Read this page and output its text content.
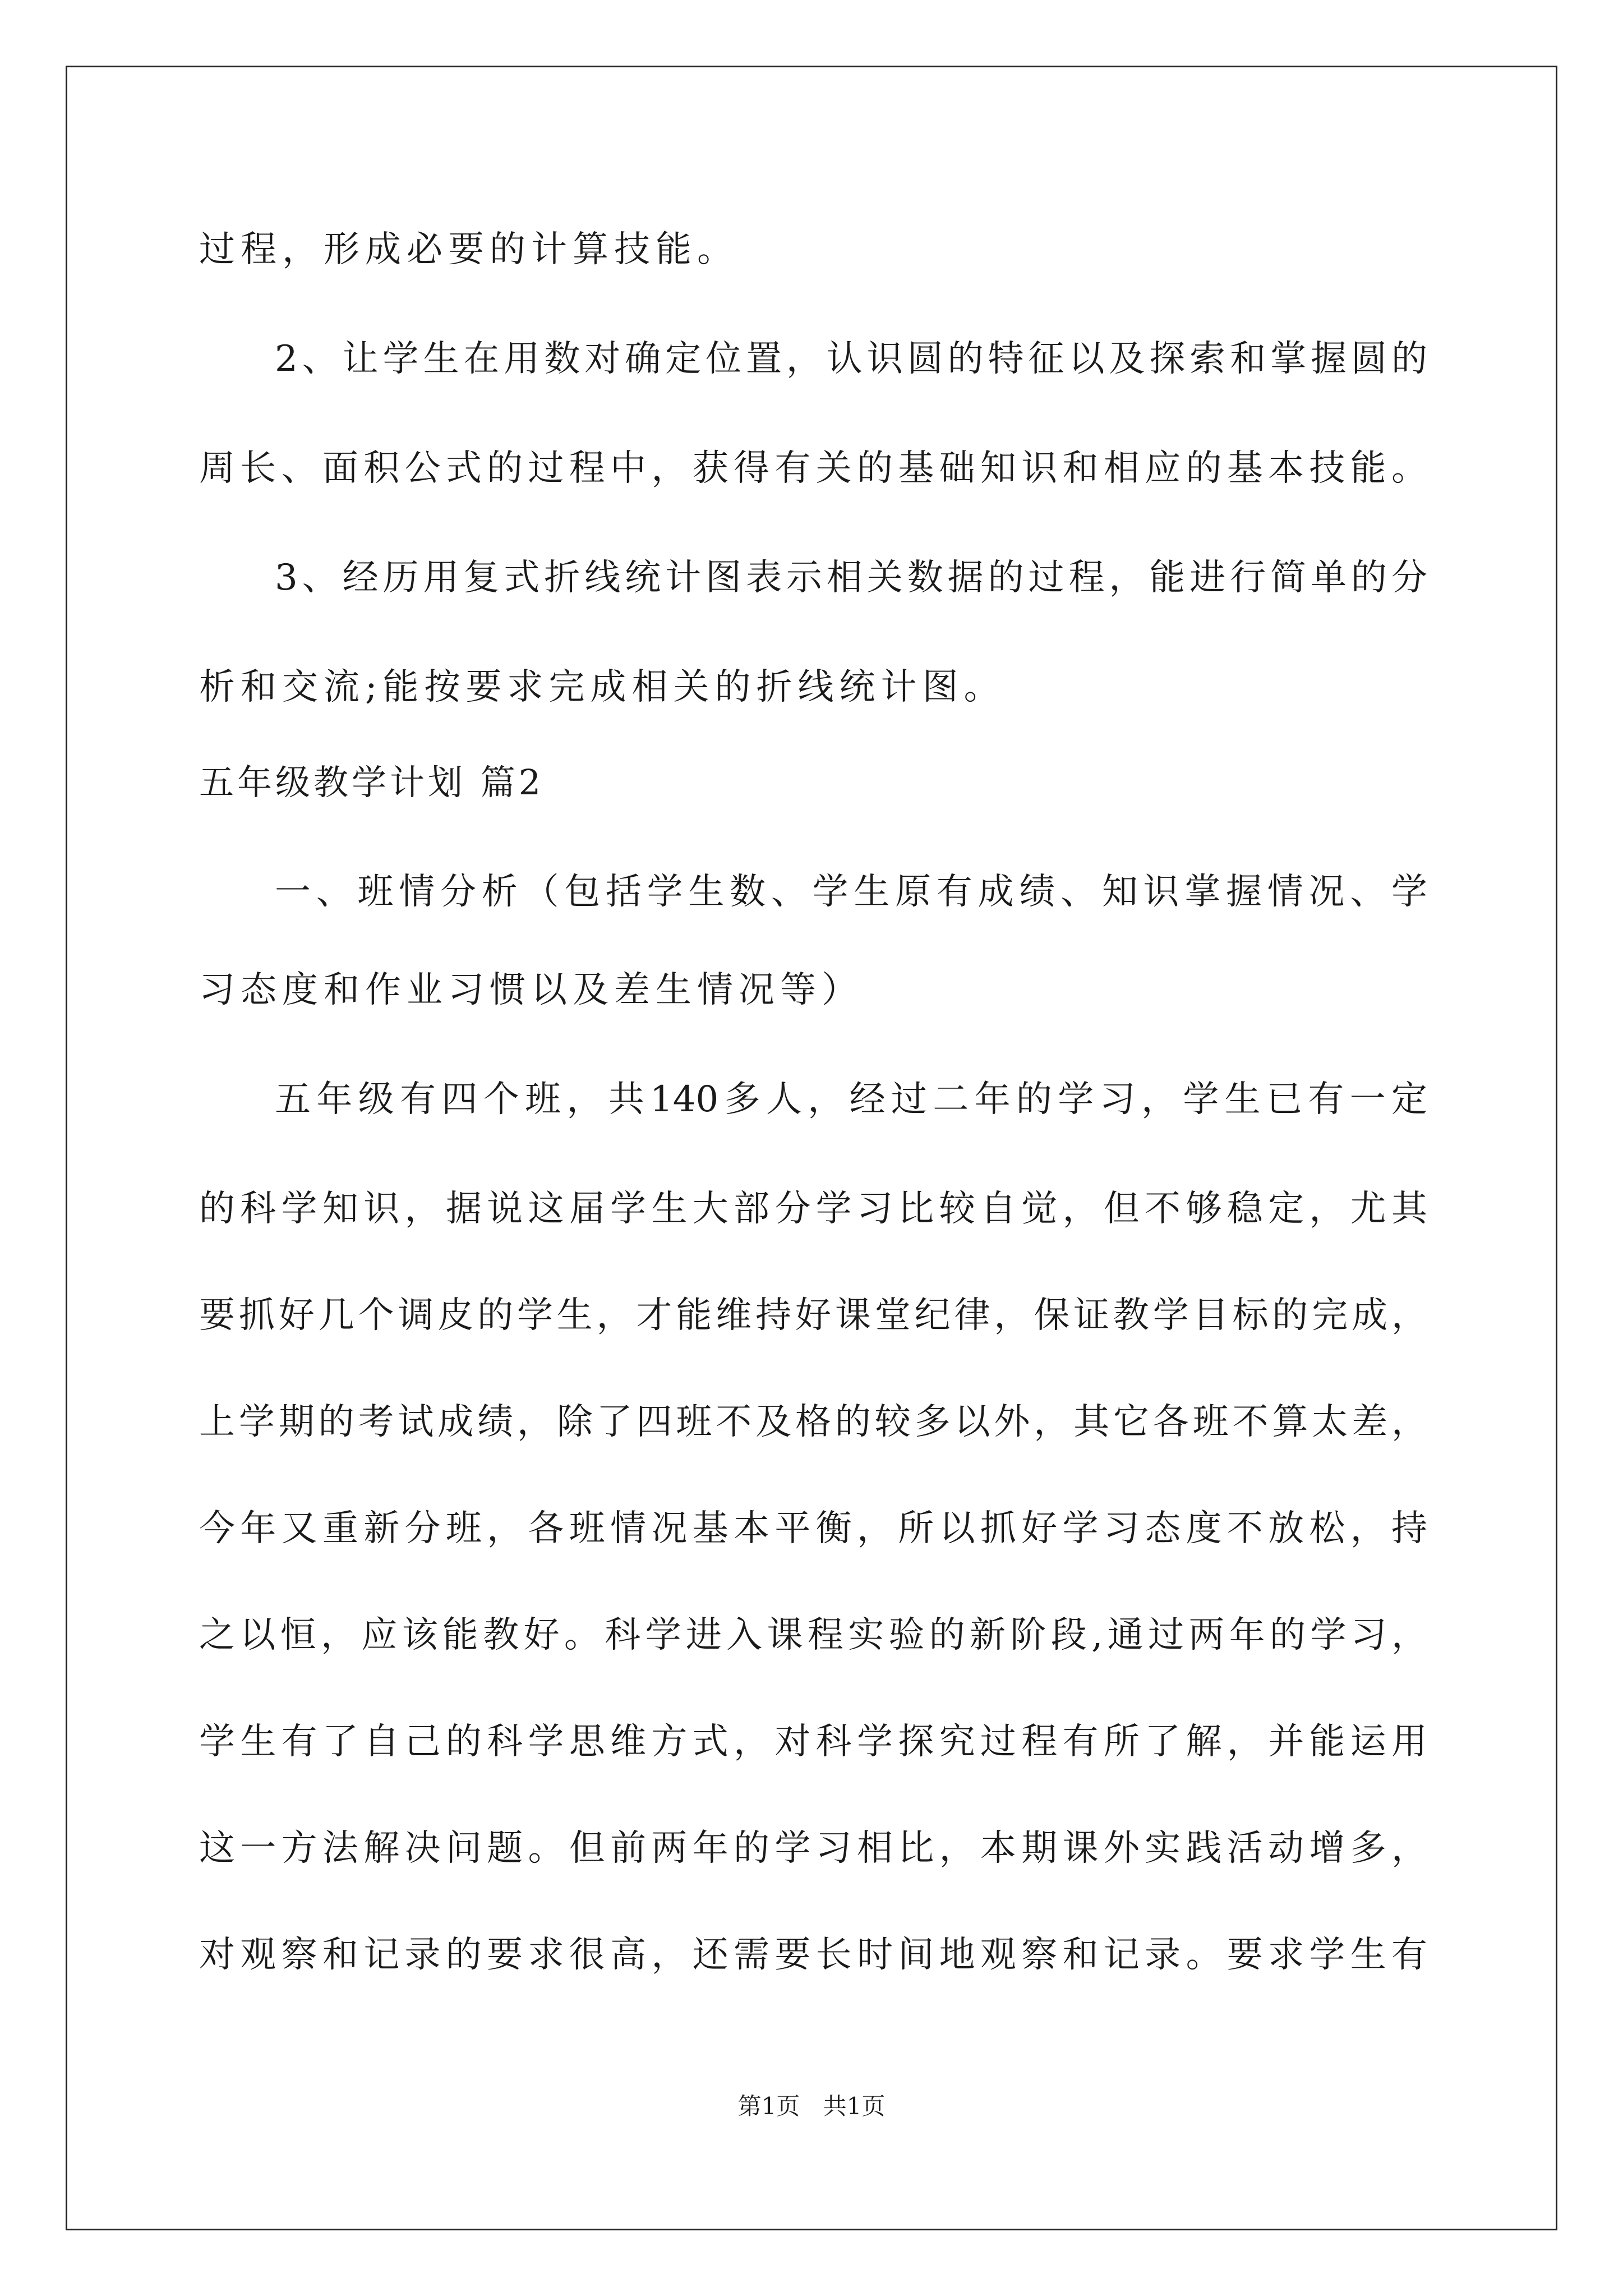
过程，形成必要的计算技能。
2、让学生在用数对确定位置，认识圆的特征以及探索和掌握圆的
周长、面积公式的过程中，获得有关的基础知识和相应的基本技能。
3、经历用复式折线统计图表示相关数据的过程，能进行简单的分
析和交流;能按要求完成相关的折线统计图。
五年级教学计划 篇2
一、班情分析（包括学生数、学生原有成绩、知识掌握情况、学
习态度和作业习惯以及差生情况等）
五年级有四个班，共140多人，经过二年的学习，学生已有一定
的科学知识，据说这届学生大部分学习比较自觉，但不够稳定，尤其
要抓好几个调皮的学生，才能维持好课堂纪律，保证教学目标的完成，
上学期的考试成绩，除了四班不及格的较多以外，其它各班不算太差，
今年又重新分班，各班情况基本平衡，所以抓好学习态度不放松，持
之以恒，应该能教好。科学进入课程实验的新阶段,通过两年的学习，
学生有了自己的科学思维方式，对科学探究过程有所了解，并能运用
这一方法解决问题。但前两年的学习相比，本期课外实践活动增多，
对观察和记录的要求很高，还需要长时间地观察和记录。要求学生有
第1页 共1页
